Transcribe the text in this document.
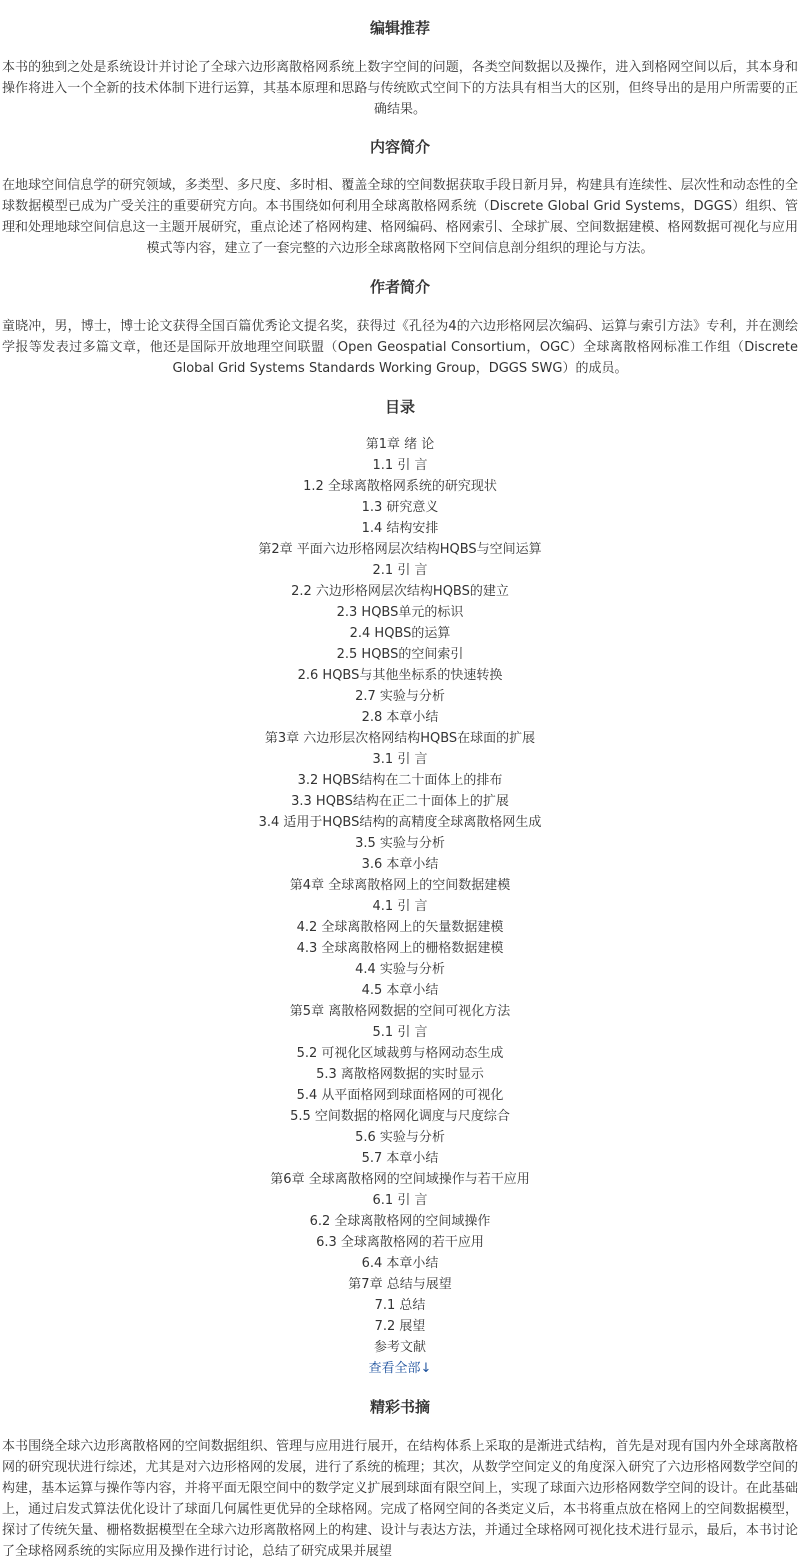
编辑推荐

本书的独到之处是系统设计并讨论了全球六边形离散格网系统上数字空间的问题，各类空间数据以及操作，进入到格网空间以后，其本身和操作将进入一个全新的技术体制下进行运算，其基本原理和思路与传统欧式空间下的方法具有相当大的区别，但终导出的是用户所需要的正确结果。

内容简介

在地球空间信息学的研究领域，多类型、多尺度、多时相、覆盖全球的空间数据获取手段日新月异，构建具有连续性、层次性和动态性的全球数据模型已成为广受关注的重要研究方向。本书围绕如何利用全球离散格网系统（Discrete Global Grid Systems，DGGS）组织、管理和处理地球空间信息这一主题开展研究，重点论述了格网构建、格网编码、格网索引、全球扩展、空间数据建模、格网数据可视化与应用模式等内容，建立了一套完整的六边形全球离散格网下空间信息剖分组织的理论与方法。

作者简介

童晓冲，男，博士，博士论文获得全国百篇优秀论文提名奖，获得过《孔径为4的六边形格网层次编码、运算与索引方法》专利，并在测绘学报等发表过多篇文章，他还是国际开放地理空间联盟（Open Geospatial Consortium，OGC）全球离散格网标准工作组（Discrete Global Grid Systems Standards Working Group，DGGS SWG）的成员。

目录
第1章 绪 论
1.1 引 言
1.2 全球离散格网系统的研究现状
1.3 研究意义
1.4 结构安排
第2章 平面六边形格网层次结构HQBS与空间运算
2.1 引 言
2.2 六边形格网层次结构HQBS的建立
2.3 HQBS单元的标识
2.4 HQBS的运算
2.5 HQBS的空间索引
2.6 HQBS与其他坐标系的快速转换
2.7 实验与分析
2.8 本章小结
第3章 六边形层次格网结构HQBS在球面的扩展
3.1 引 言
3.2 HQBS结构在二十面体上的排布
3.3 HQBS结构在正二十面体上的扩展
3.4 适用于HQBS结构的高精度全球离散格网生成
3.5 实验与分析
3.6 本章小结
第4章 全球离散格网上的空间数据建模
4.1 引 言
4.2 全球离散格网上的矢量数据建模
4.3 全球离散格网上的栅格数据建模
4.4 实验与分析
4.5 本章小结
第5章 离散格网数据的空间可视化方法
5.1 引 言
5.2 可视化区域裁剪与格网动态生成
5.3 离散格网数据的实时显示
5.4 从平面格网到球面格网的可视化
5.5 空间数据的格网化调度与尺度综合
5.6 实验与分析
5.7 本章小结
第6章 全球离散格网的空间域操作与若干应用
6.1 引 言
6.2 全球离散格网的空间域操作
6.3 全球离散格网的若干应用
6.4 本章小结
第7章 总结与展望
7.1 总结
7.2 展望
参考文献
查看全部↓
精彩书摘

本书围绕全球六边形离散格网的空间数据组织、管理与应用进行展开，在结构体系上采取的是渐进式结构，首先是对现有国内外全球离散格网的研究现状进行综述，尤其是对六边形格网的发展，进行了系统的梳理；其次，从数学空间定义的角度深入研究了六边形格网数学空间的构建，基本运算与操作等内容，并将平面无限空间中的数学定义扩展到球面有限空间上，实现了球面六边形格网数学空间的设计。在此基础上，通过启发式算法优化设计了球面几何属性更优异的全球格网。完成了格网空间的各类定义后，本书将重点放在格网上的空间数据模型，探讨了传统矢量、栅格数据模型在全球六边形离散格网上的构建、设计与表达方法，并通过全球格网可视化技术进行显示，最后，本书讨论了全球格网系统的实际应用及操作进行讨论，总结了研究成果并展望
